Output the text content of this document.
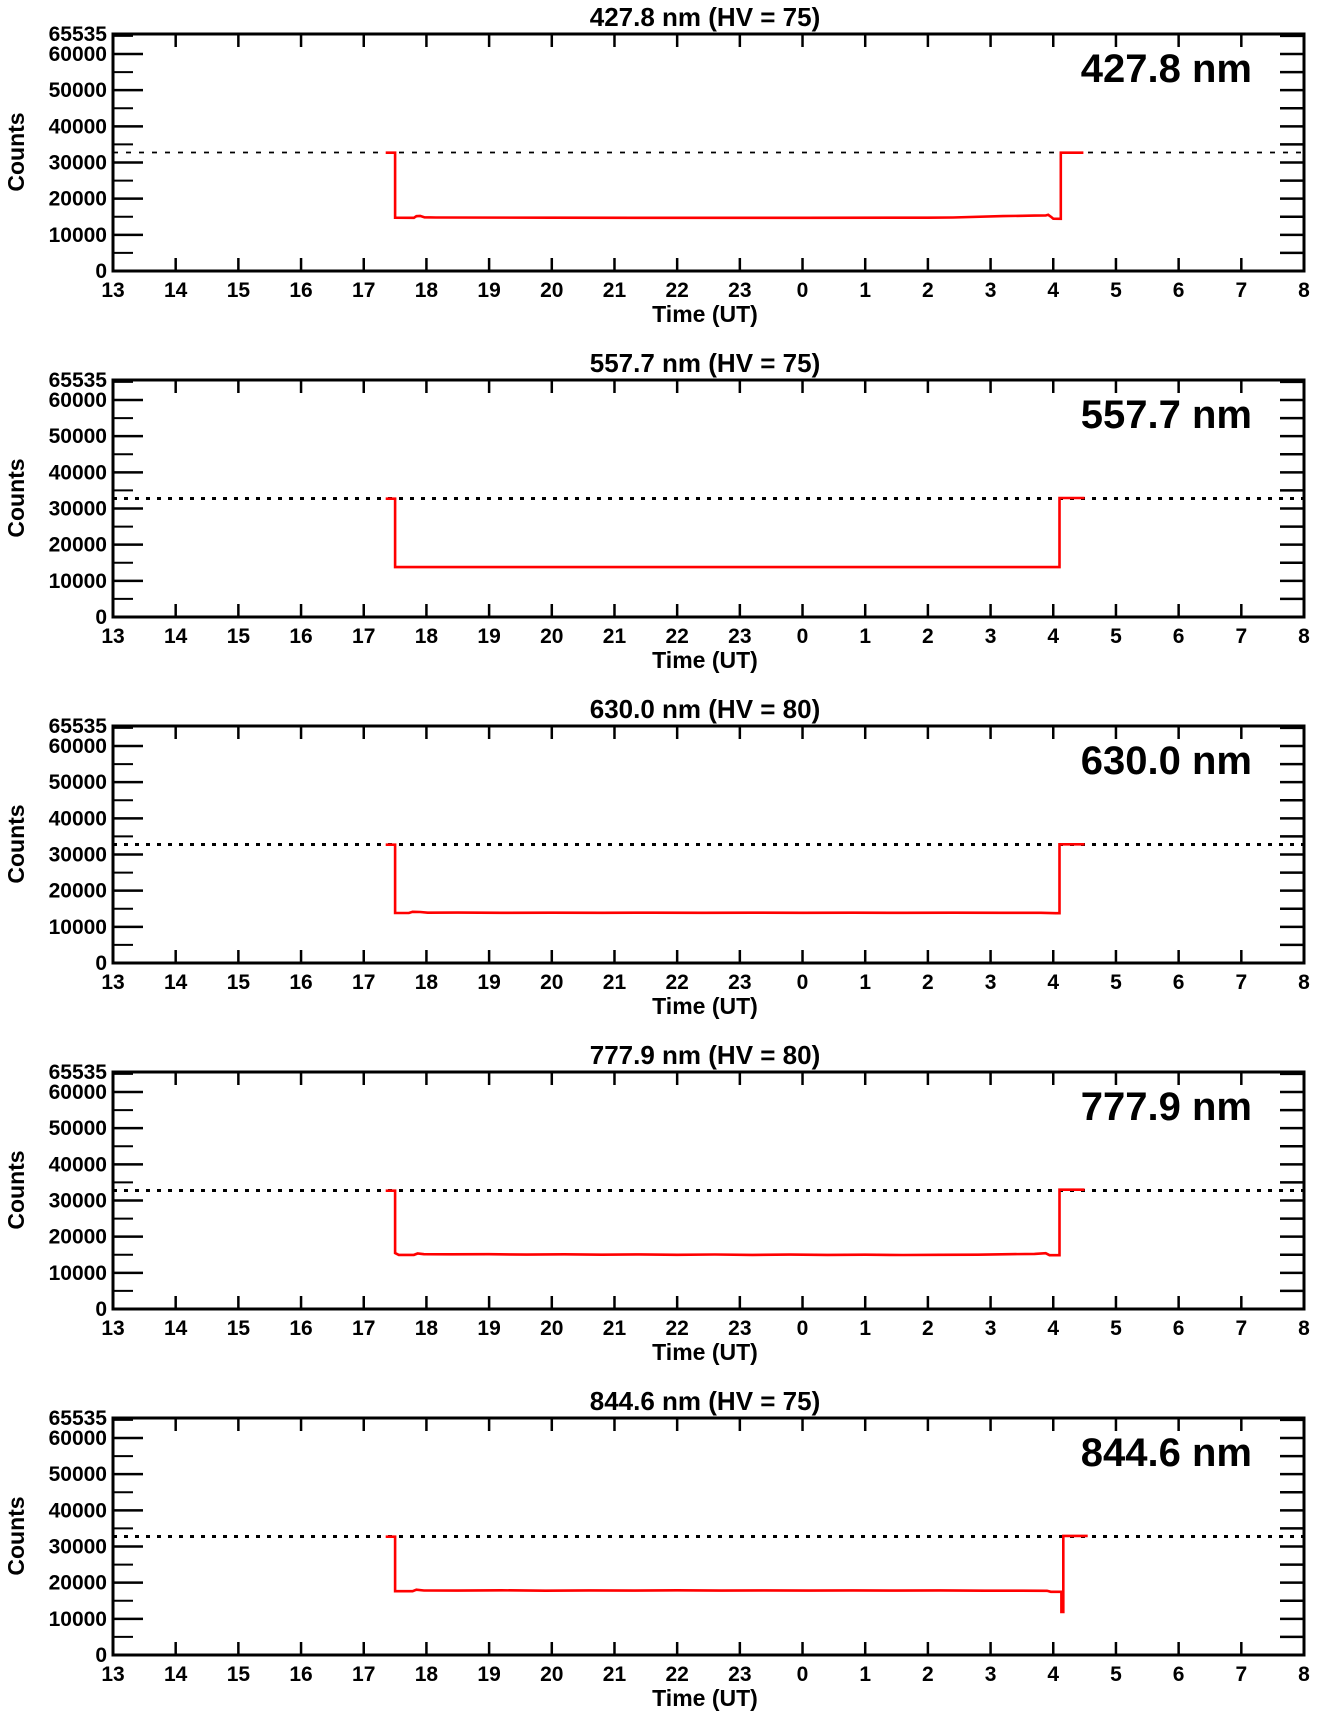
427.8 nm (HV = 75)
427.8 nm
Time (UT)
Counts
13 14 15 16 17 18 19 20 21 22 23 0 1 2 3 4 5 6 7 8
0
10000
20000
30000
40000
50000
60000
65535
557.7 nm (HV = 75)
557.7 nm
Time (UT)
Counts
13 14 15 16 17 18 19 20 21 22 23 0 1 2 3 4 5 6 7 8
0
10000
20000
30000
40000
50000
60000
65535
630.0 nm (HV = 80)
630.0 nm
Time (UT)
Counts
13 14 15 16 17 18 19 20 21 22 23 0 1 2 3 4 5 6 7 8
0
10000
20000
30000
40000
50000
60000
65535
777.9 nm (HV = 80)
777.9 nm
Time (UT)
Counts
13 14 15 16 17 18 19 20 21 22 23 0 1 2 3 4 5 6 7 8
0
10000
20000
30000
40000
50000
60000
65535
844.6 nm (HV = 75)
844.6 nm
Time (UT)
Counts
13 14 15 16 17 18 19 20 21 22 23 0 1 2 3 4 5 6 7 8
0
10000
20000
30000
40000
50000
60000
65535
